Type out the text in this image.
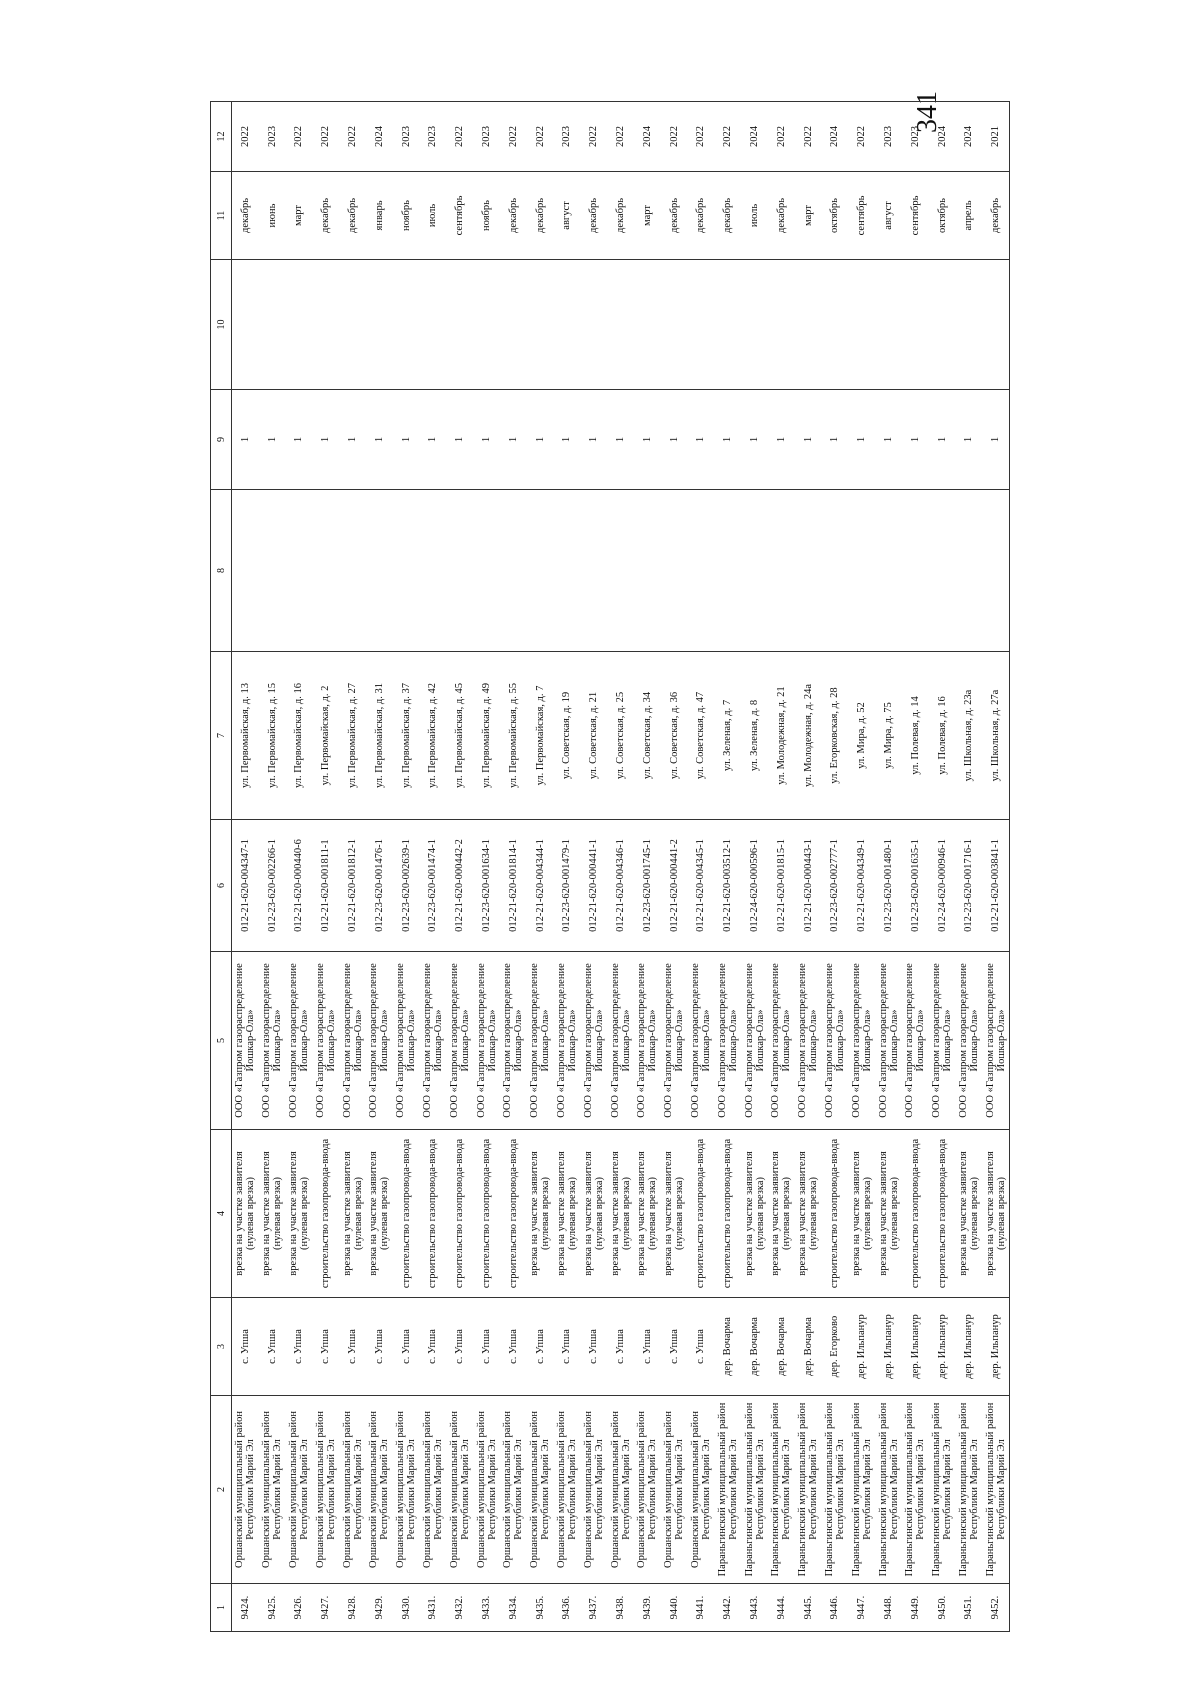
341
1	2	3	4	5	6	7	8	9	10	11	12
9424.	Оршанский муниципальный район Республики Марий Эл	с. Упша	врезка на участке заявителя (нулевая врезка)	ООО «Газпром газораспределение Йошкар-Ола»	012-21-620-004347-1	ул. Первомайская, д. 13		1		декабрь	2022
9425.	Оршанский муниципальный район Республики Марий Эл	с. Упша	врезка на участке заявителя (нулевая врезка)	ООО «Газпром газораспределение Йошкар-Ола»	012-23-620-002266-1	ул. Первомайская, д. 15		1		июнь	2023
9426.	Оршанский муниципальный район Республики Марий Эл	с. Упша	врезка на участке заявителя (нулевая врезка)	ООО «Газпром газораспределение Йошкар-Ола»	012-21-620-000440-6	ул. Первомайская, д. 16		1		март	2022
9427.	Оршанский муниципальный район Республики Марий Эл	с. Упша	строительство газопровода-ввода	ООО «Газпром газораспределение Йошкар-Ола»	012-21-620-001811-1	ул. Первомайская, д. 2		1		декабрь	2022
9428.	Оршанский муниципальный район Республики Марий Эл	с. Упша	врезка на участке заявителя (нулевая врезка)	ООО «Газпром газораспределение Йошкар-Ола»	012-21-620-001812-1	ул. Первомайская, д. 27		1		декабрь	2022
9429.	Оршанский муниципальный район Республики Марий Эл	с. Упша	врезка на участке заявителя (нулевая врезка)	ООО «Газпром газораспределение Йошкар-Ола»	012-23-620-001476-1	ул. Первомайская, д. 31		1		январь	2024
9430.	Оршанский муниципальный район Республики Марий Эл	с. Упша	строительство газопровода-ввода	ООО «Газпром газораспределение Йошкар-Ола»	012-23-620-002639-1	ул. Первомайская, д. 37		1		ноябрь	2023
9431.	Оршанский муниципальный район Республики Марий Эл	с. Упша	строительство газопровода-ввода	ООО «Газпром газораспределение Йошкар-Ола»	012-23-620-001474-1	ул. Первомайская, д. 42		1		июль	2023
9432.	Оршанский муниципальный район Республики Марий Эл	с. Упша	строительство газопровода-ввода	ООО «Газпром газораспределение Йошкар-Ола»	012-21-620-000442-2	ул. Первомайская, д. 45		1		сентябрь	2022
9433.	Оршанский муниципальный район Республики Марий Эл	с. Упша	строительство газопровода-ввода	ООО «Газпром газораспределение Йошкар-Ола»	012-23-620-001634-1	ул. Первомайская, д. 49		1		ноябрь	2023
9434.	Оршанский муниципальный район Республики Марий Эл	с. Упша	строительство газопровода-ввода	ООО «Газпром газораспределение Йошкар-Ола»	012-21-620-001814-1	ул. Первомайская, д. 55		1		декабрь	2022
9435.	Оршанский муниципальный район Республики Марий Эл	с. Упша	врезка на участке заявителя (нулевая врезка)	ООО «Газпром газораспределение Йошкар-Ола»	012-21-620-004344-1	ул. Первомайская, д. 7		1		декабрь	2022
9436.	Оршанский муниципальный район Республики Марий Эл	с. Упша	врезка на участке заявителя (нулевая врезка)	ООО «Газпром газораспределение Йошкар-Ола»	012-23-620-001479-1	ул. Советская, д. 19		1		август	2023
9437.	Оршанский муниципальный район Республики Марий Эл	с. Упша	врезка на участке заявителя (нулевая врезка)	ООО «Газпром газораспределение Йошкар-Ола»	012-21-620-000441-1	ул. Советская, д. 21		1		декабрь	2022
9438.	Оршанский муниципальный район Республики Марий Эл	с. Упша	врезка на участке заявителя (нулевая врезка)	ООО «Газпром газораспределение Йошкар-Ола»	012-21-620-004346-1	ул. Советская, д. 25		1		декабрь	2022
9439.	Оршанский муниципальный район Республики Марий Эл	с. Упша	врезка на участке заявителя (нулевая врезка)	ООО «Газпром газораспределение Йошкар-Ола»	012-23-620-001745-1	ул. Советская, д. 34		1		март	2024
9440.	Оршанский муниципальный район Республики Марий Эл	с. Упша	врезка на участке заявителя (нулевая врезка)	ООО «Газпром газораспределение Йошкар-Ола»	012-21-620-000441-2	ул. Советская, д. 36		1		декабрь	2022
9441.	Оршанский муниципальный район Республики Марий Эл	с. Упша	строительство газопровода-ввода	ООО «Газпром газораспределение Йошкар-Ола»	012-21-620-004345-1	ул. Советская, д. 47		1		декабрь	2022
9442.	Параньгинский муниципальный район Республики Марий Эл	дер. Вочарма	строительство газопровода-ввода	ООО «Газпром газораспределение Йошкар-Ола»	012-21-620-003512-1	ул. Зеленая, д. 7		1		декабрь	2022
9443.	Параньгинский муниципальный район Республики Марий Эл	дер. Вочарма	врезка на участке заявителя (нулевая врезка)	ООО «Газпром газораспределение Йошкар-Ола»	012-24-620-000596-1	ул. Зеленая, д. 8		1		июль	2024
9444.	Параньгинский муниципальный район Республики Марий Эл	дер. Вочарма	врезка на участке заявителя (нулевая врезка)	ООО «Газпром газораспределение Йошкар-Ола»	012-21-620-001815-1	ул. Молодежная, д. 21		1		декабрь	2022
9445.	Параньгинский муниципальный район Республики Марий Эл	дер. Вочарма	врезка на участке заявителя (нулевая врезка)	ООО «Газпром газораспределение Йошкар-Ола»	012-21-620-000443-1	ул. Молодежная, д. 24а		1		март	2022
9446.	Параньгинский муниципальный район Республики Марий Эл	дер. Егорково	строительство газопровода-ввода	ООО «Газпром газораспределение Йошкар-Ола»	012-23-620-002777-1	ул. Егорковская, д. 28		1		октябрь	2024
9447.	Параньгинский муниципальный район Республики Марий Эл	дер. Ильпанур	врезка на участке заявителя (нулевая врезка)	ООО «Газпром газораспределение Йошкар-Ола»	012-21-620-004349-1	ул. Мира, д. 52		1		сентябрь	2022
9448.	Параньгинский муниципальный район Республики Марий Эл	дер. Ильпанур	врезка на участке заявителя (нулевая врезка)	ООО «Газпром газораспределение Йошкар-Ола»	012-23-620-001480-1	ул. Мира, д. 75		1		август	2023
9449.	Параньгинский муниципальный район Республики Марий Эл	дер. Ильпанур	строительство газопровода-ввода	ООО «Газпром газораспределение Йошкар-Ола»	012-23-620-001635-1	ул. Полевая, д. 14		1		сентябрь	2023
9450.	Параньгинский муниципальный район Республики Марий Эл	дер. Ильпанур	строительство газопровода-ввода	ООО «Газпром газораспределение Йошкар-Ола»	012-24-620-000946-1	ул. Полевая, д. 16		1		октябрь	2024
9451.	Параньгинский муниципальный район Республики Марий Эл	дер. Ильпанур	врезка на участке заявителя (нулевая врезка)	ООО «Газпром газораспределение Йошкар-Ола»	012-23-620-001716-1	ул. Школьная, д. 23а		1		апрель	2024
9452.	Параньгинский муниципальный район Республики Марий Эл	дер. Ильпанур	врезка на участке заявителя (нулевая врезка)	ООО «Газпром газораспределение Йошкар-Ола»	012-21-620-003841-1	ул. Школьная, д. 27а		1		декабрь	2021
